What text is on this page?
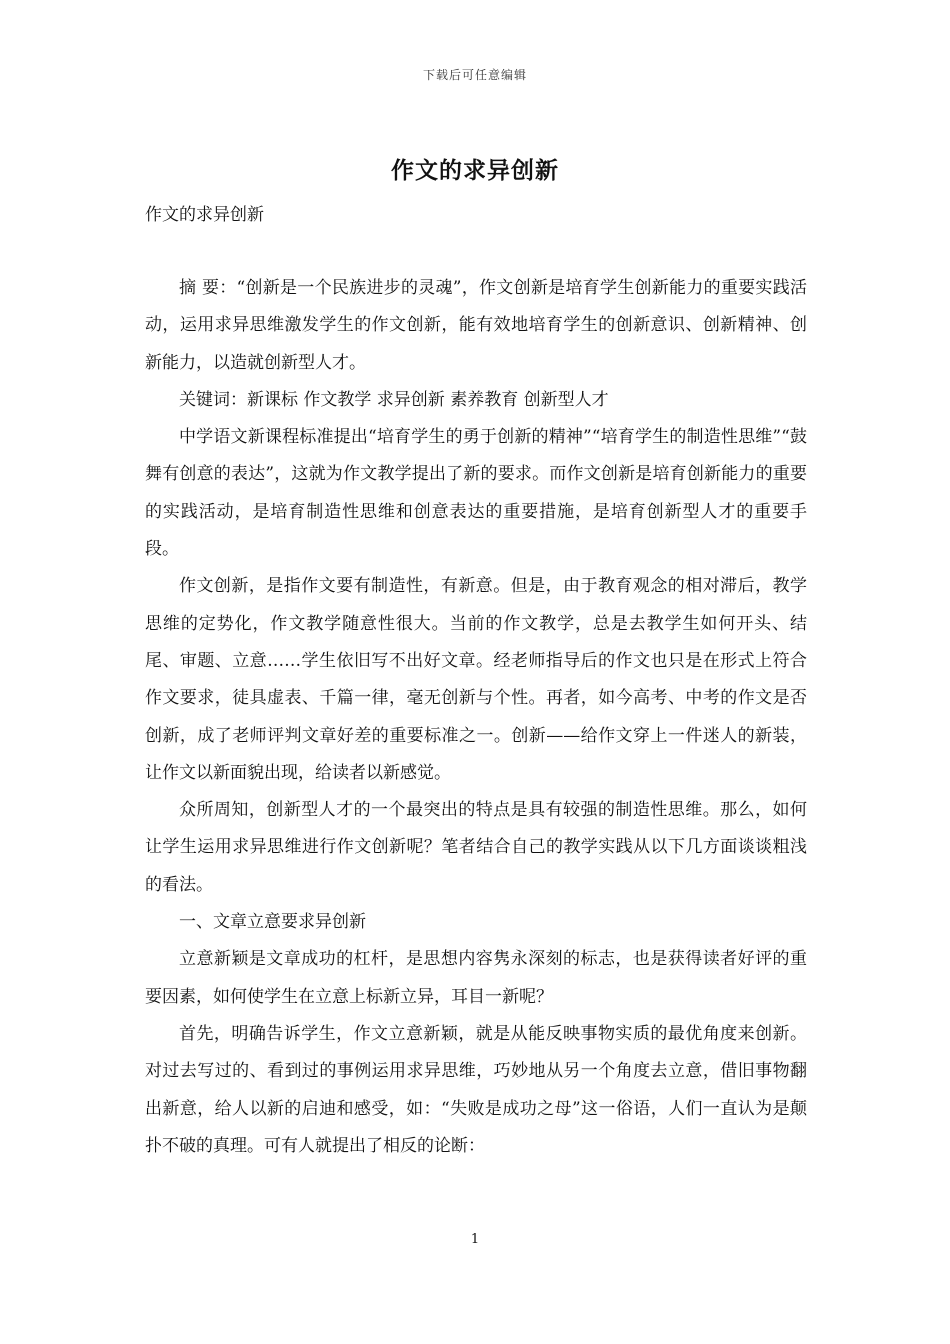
下载后可任意编辑
作文的求异创新
作文的求异创新

摘 要：“创新是一个民族进步的灵魂”，作文创新是培育学生创新能力的重要实践活动，运用求异思维激发学生的作文创新，能有效地培育学生的创新意识、创新精神、创新能力，以造就创新型人才。

关键词：新课标 作文教学 求异创新 素养教育 创新型人才

中学语文新课程标准提出“培育学生的勇于创新的精神”“培育学生的制造性思维”“鼓舞有创意的表达”，这就为作文教学提出了新的要求。而作文创新是培育创新能力的重要的实践活动，是培育制造性思维和创意表达的重要措施，是培育创新型人才的重要手段。

作文创新，是指作文要有制造性，有新意。但是，由于教育观念的相对滞后，教学思维的定势化，作文教学随意性很大。当前的作文教学，总是去教学生如何开头、结尾、审题、立意……学生依旧写不出好文章。经老师指导后的作文也只是在形式上符合作文要求，徒具虚表、千篇一律，毫无创新与个性。再者，如今高考、中考的作文是否创新，成了老师评判文章好差的重要标准之一。创新——给作文穿上一件迷人的新装，让作文以新面貌出现，给读者以新感觉。

众所周知，创新型人才的一个最突出的特点是具有较强的制造性思维。那么，如何让学生运用求异思维进行作文创新呢？笔者结合自己的教学实践从以下几方面谈谈粗浅的看法。

一、文章立意要求异创新

立意新颖是文章成功的杠杆，是思想内容隽永深刻的标志，也是获得读者好评的重要因素，如何使学生在立意上标新立异，耳目一新呢？

首先，明确告诉学生，作文立意新颖，就是从能反映事物实质的最优角度来创新。对过去写过的、看到过的事例运用求异思维，巧妙地从另一个角度去立意，借旧事物翻出新意，给人以新的启迪和感受，如：“失败是成功之母”这一俗语，人们一直认为是颠扑不破的真理。可有人就提出了相反的论断：

1
